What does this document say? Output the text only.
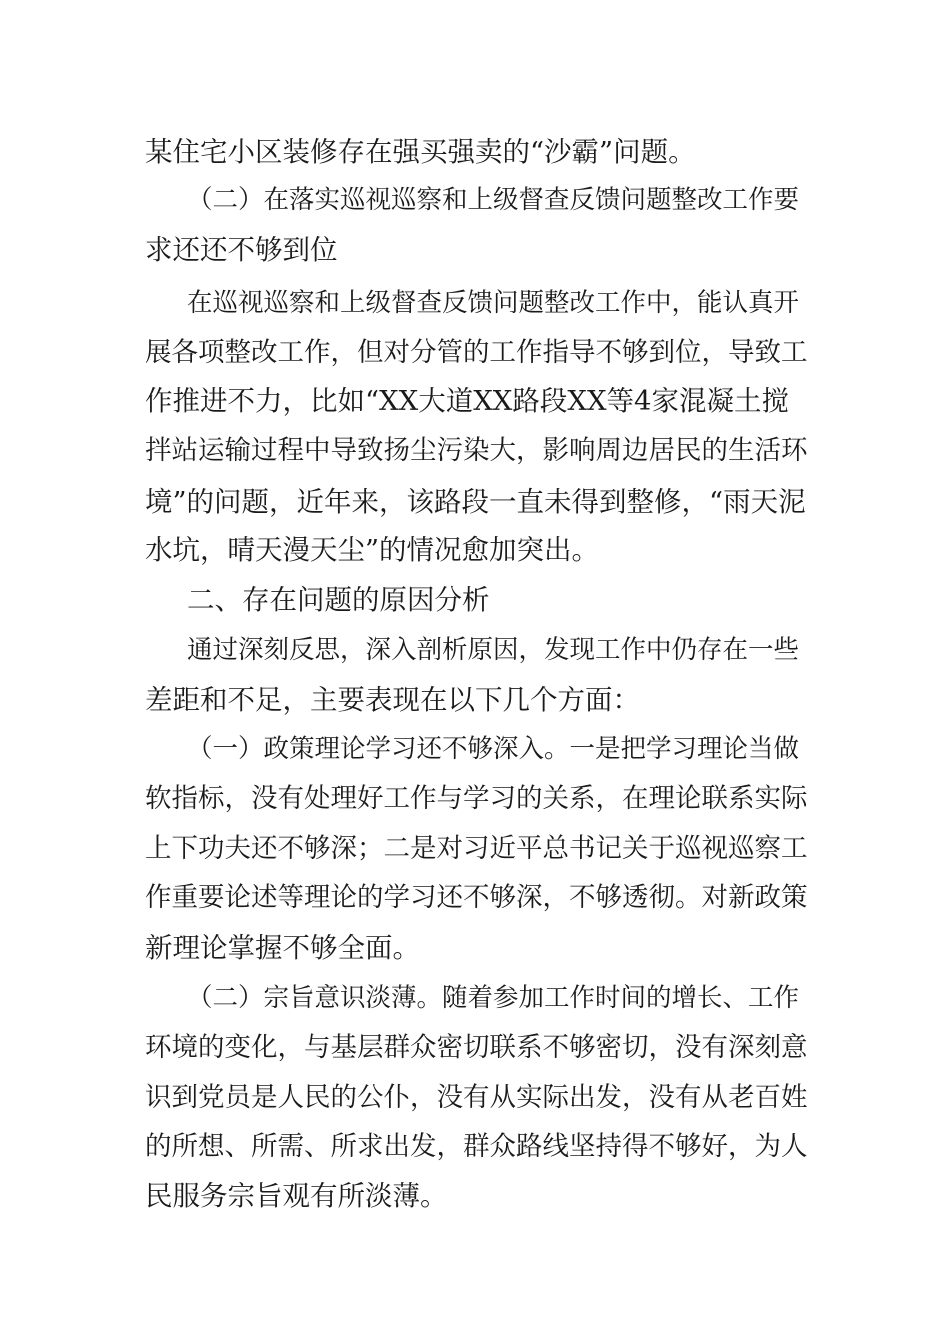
某住宅小区装修存在强买强卖的“沙霸”问题。
（二）在落实巡视巡察和上级督查反馈问题整改工作要
求还还不够到位
在巡视巡察和上级督查反馈问题整改工作中，能认真开
展各项整改工作，但对分管的工作指导不够到位，导致工
作推进不力，比如“XX大道XX路段XX等4家混凝土搅
拌站运输过程中导致扬尘污染大，影响周边居民的生活环
境”的问题，近年来，该路段一直未得到整修，“雨天泥
水坑，晴天漫天尘”的情况愈加突出。
二、存在问题的原因分析
通过深刻反思，深入剖析原因，发现工作中仍存在一些
差距和不足，主要表现在以下几个方面：
（一）政策理论学习还不够深入。一是把学习理论当做
软指标，没有处理好工作与学习的关系，在理论联系实际
上下功夫还不够深；二是对习近平总书记关于巡视巡察工
作重要论述等理论的学习还不够深，不够透彻。对新政策
新理论掌握不够全面。
（二）宗旨意识淡薄。随着参加工作时间的增长、工作
环境的变化，与基层群众密切联系不够密切，没有深刻意
识到党员是人民的公仆，没有从实际出发，没有从老百姓
的所想、所需、所求出发，群众路线坚持得不够好，为人
民服务宗旨观有所淡薄。
